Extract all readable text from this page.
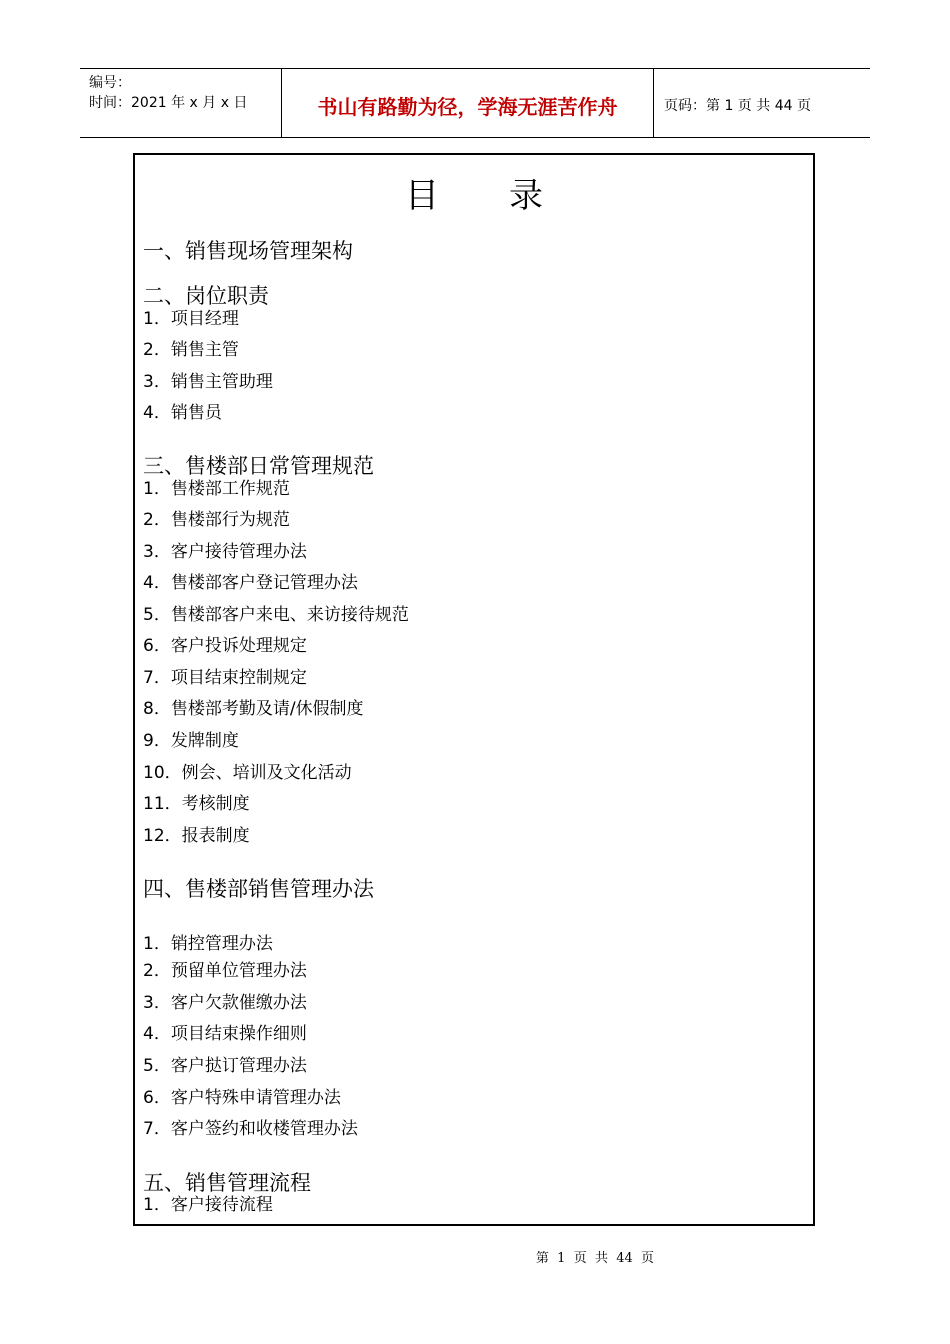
编号：
时间：2021 年 x 月 x 日	书山有路勤为径，学海无涯苦作舟	页码：第 1 页 共 44 页
目录
一、销售现场管理架构
二、岗位职责
1．项目经理
2．销售主管
3．销售主管助理
4．销售员
三、售楼部日常管理规范
1．售楼部工作规范
2．售楼部行为规范
3．客户接待管理办法
4．售楼部客户登记管理办法
5．售楼部客户来电、来访接待规范
6．客户投诉处理规定
7．项目结束控制规定
8．售楼部考勤及请/休假制度
9．发牌制度
10．例会、培训及文化活动
11．考核制度
12．报表制度
四、售楼部销售管理办法
1．销控管理办法
2．预留单位管理办法
3．客户欠款催缴办法
4．项目结束操作细则
5．客户挞订管理办法
6．客户特殊申请管理办法
7．客户签约和收楼管理办法
五、销售管理流程
1．客户接待流程
第  1  页  共  44  页
